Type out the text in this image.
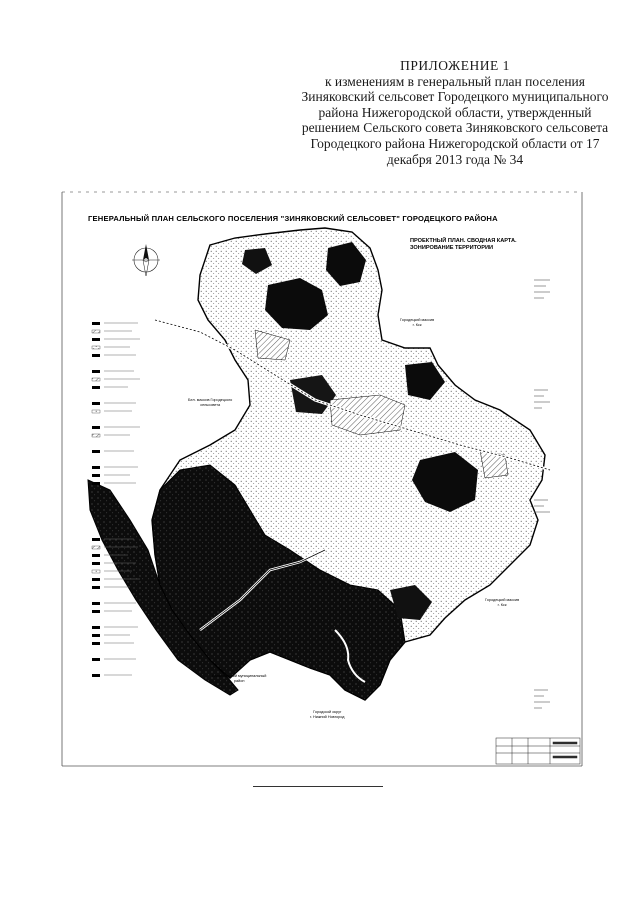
ПРИЛОЖЕНИЕ 1
к изменениям в генеральный план поселения
Зиняковский сельсовет Городецкого муниципального
района Нижегородской области, утвержденный
решением Сельского совета Зиняковского сельсовета
Городецкого района Нижегородской области от 17
декабря 2013 года № 34
ГЕНЕРАЛЬНЫЙ ПЛАН СЕЛЬСКОГО ПОСЕЛЕНИЯ "ЗИНЯКОВСКИЙ СЕЛЬСОВЕТ" ГОРОДЕЦКОГО РАЙОНА
ПРОЕКТНЫЙ ПЛАН. СВОДНАЯ КАРТА.
ЗОНИРОВАНИЕ ТЕРРИТОРИИ
Городецкий массив
г. Кск
Бел. массив Городецкого
сельсовета
Городецкий массив
г. Кск
Балахнинский муниципальный
район
Городской округ
г. Нижний Новгород
